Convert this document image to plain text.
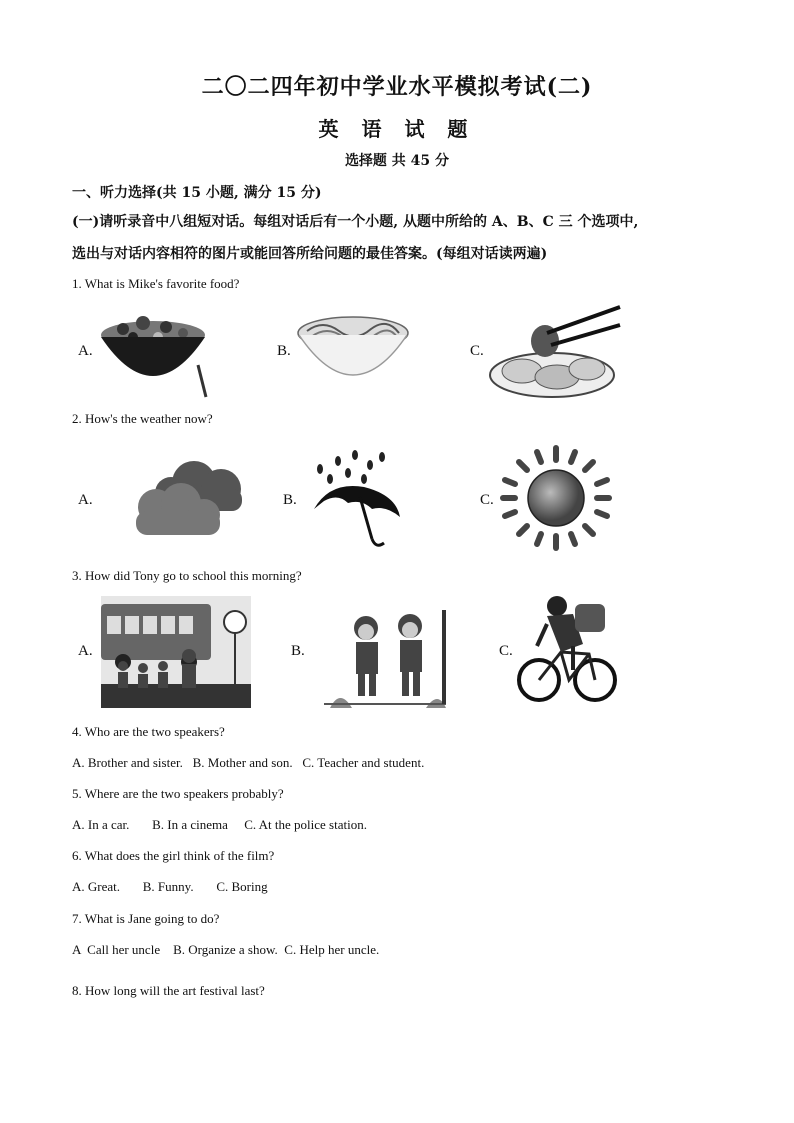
二〇二四年初中学业水平模拟考试(二)
英 语 试 题
选择题 共 45 分
一、听力选择(共 15 小题, 满分 15 分)
(一)请听录音中八组短对话。每组对话后有一个小题, 从题中所给的 A、B、C 三 个选项中,
选出与对话内容相符的图片或能回答所给问题的最佳答案。(每组对话读两遍)
1. What is Mike's favorite food?
A.	B.	C.
2. How's the weather now?
A.	B.	C.
3. How did Tony go to school this morning?
A.	B.	C.
4. Who are the two speakers?
A. Brother and sister.   B. Mother and son.   C. Teacher and student.
5. Where are the two speakers probably?
A. In a car.       B. In a cinema     C. At the police station.
6. What does the girl think of the film?
A. Great.       B. Funny.       C. Boring
7. What is Jane going to do?
A  Call her uncle    B. Organize a show.  C. Help her uncle.
8. How long will the art festival last?
